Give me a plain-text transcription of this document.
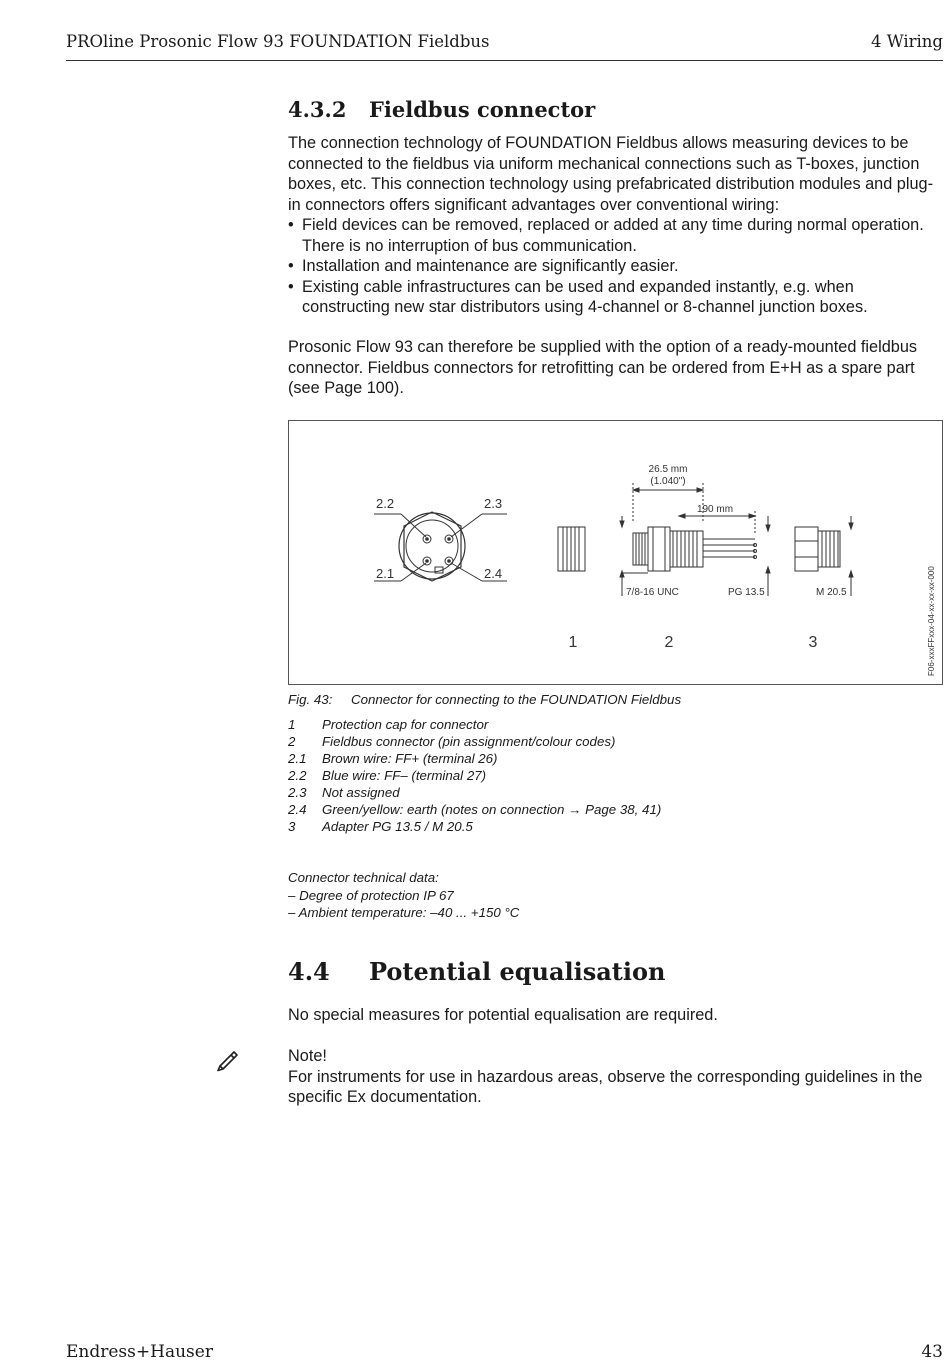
PROline Prosonic Flow 93 FOUNDATION Fieldbus	4 Wiring
4.3.2 Fieldbus connector

The connection technology of FOUNDATION Fieldbus allows measuring devices to be connected to the fieldbus via uniform mechanical connections such as T-boxes, junction boxes, etc. This connection technology using prefabricated distribution modules and plug-in connectors offers significant advantages over conventional wiring:

• Field devices can be removed, replaced or added at any time during normal operation. There is no interruption of bus communication.
• Installation and maintenance are significantly easier.
• Existing cable infrastructures can be used and expanded instantly, e.g. when constructing new star distributors using 4-channel or 8-channel junction boxes.

Prosonic Flow 93 can therefore be supplied with the option of a ready-mounted fieldbus connector. Fieldbus connectors for retrofitting can be ordered from E+H as a spare part (see Page 100).

2.2	2.3
2.1	2.4
26.5 mm
(1.040")
190 mm
7/8-16 UNC	PG 13.5	M 20.5
1	2	3	F06-xxxFFxxx-04-xx-xx-xx-000
Fig. 43: Connector for connecting to the FOUNDATION Fieldbus
1 Protection cap for connector
2 Fieldbus connector (pin assignment/colour codes)
2.1 Brown wire: FF+ (terminal 26)
2.2 Blue wire: FF– (terminal 27)
2.3 Not assigned
2.4 Green/yellow: earth (notes on connection → Page 38, 41)
3 Adapter PG 13.5 / M 20.5
Connector technical data:
– Degree of protection IP 67
– Ambient temperature: –40 ... +150 °C
4.4 Potential equalisation

No special measures for potential equalisation are required.

Note!

For instruments for use in hazardous areas, observe the corresponding guidelines in the specific Ex documentation.

Endress+Hauser	43
